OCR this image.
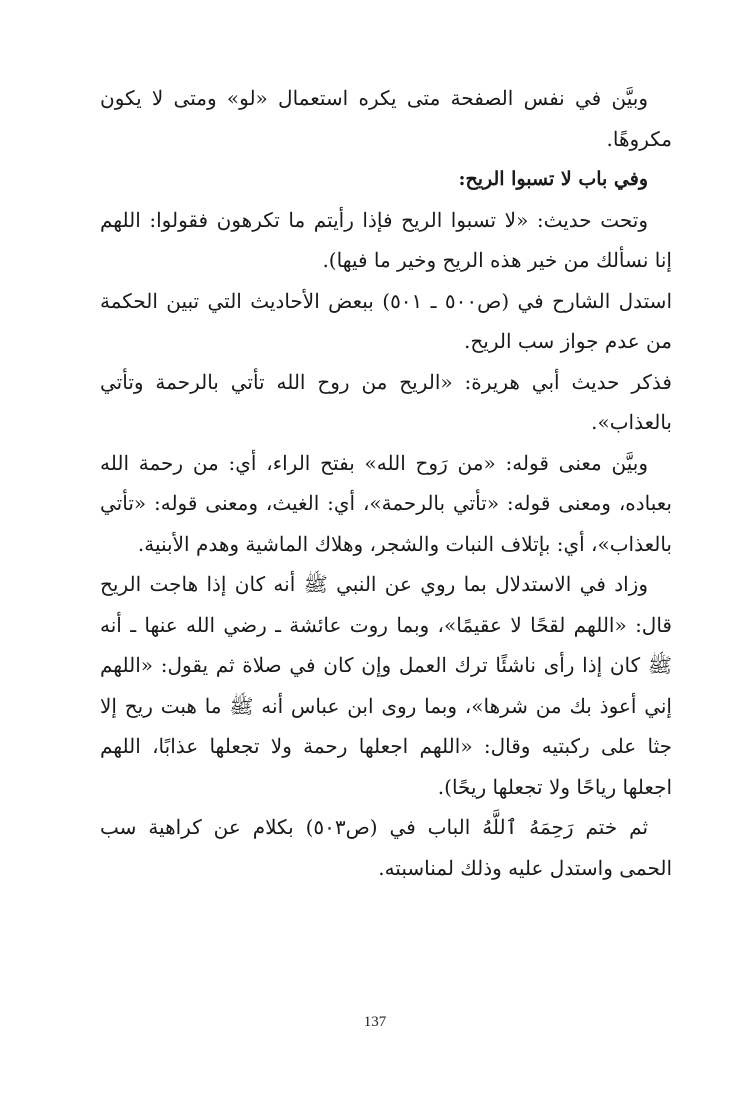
وبيَّن في نفس الصفحة متى يكره استعمال «لو» ومتى لا يكون مكروهًا.

وفي باب لا تسبوا الريح:

وتحت حديث: «لا تسبوا الريح فإذا رأيتم ما تكرهون فقولوا: اللهم إنا نسألك من خير هذه الريح وخير ما فيها).

استدل الشارح في (ص٥٠٠ ـ ٥٠١) ببعض الأحاديث التي تبين الحكمة من عدم جواز سب الريح.

فذكر حديث أبي هريرة: «الريح من روح الله تأتي بالرحمة وتأتي بالعذاب».

وبيَّن معنى قوله: «من رَوح الله» بفتح الراء، أي: من رحمة الله بعباده، ومعنى قوله: «تأتي بالرحمة»، أي: الغيث، ومعنى قوله: «تأتي بالعذاب»، أي: بإتلاف النبات والشجر، وهلاك الماشية وهدم الأبنية.

وزاد في الاستدلال بما روي عن النبي ﷺ أنه كان إذا هاجت الريح قال: «اللهم لقحًا لا عقيمًا»، وبما روت عائشة ـ رضي الله عنها ـ أنه ﷺ كان إذا رأى ناشئًا ترك العمل وإن كان في صلاة ثم يقول: «اللهم إني أعوذ بك من شرها»، وبما روى ابن عباس أنه ﷺ ما هبت ريح إلا جثا على ركبتيه وقال: «اللهم اجعلها رحمة ولا تجعلها عذابًا، اللهم اجعلها رياحًا ولا تجعلها ريحًا).

ثم ختم رَحِمَهُ ٱللَّهُ الباب في (ص٥٠٣) بكلام عن كراهية سب الحمى واستدل عليه وذلك لمناسبته.

137
